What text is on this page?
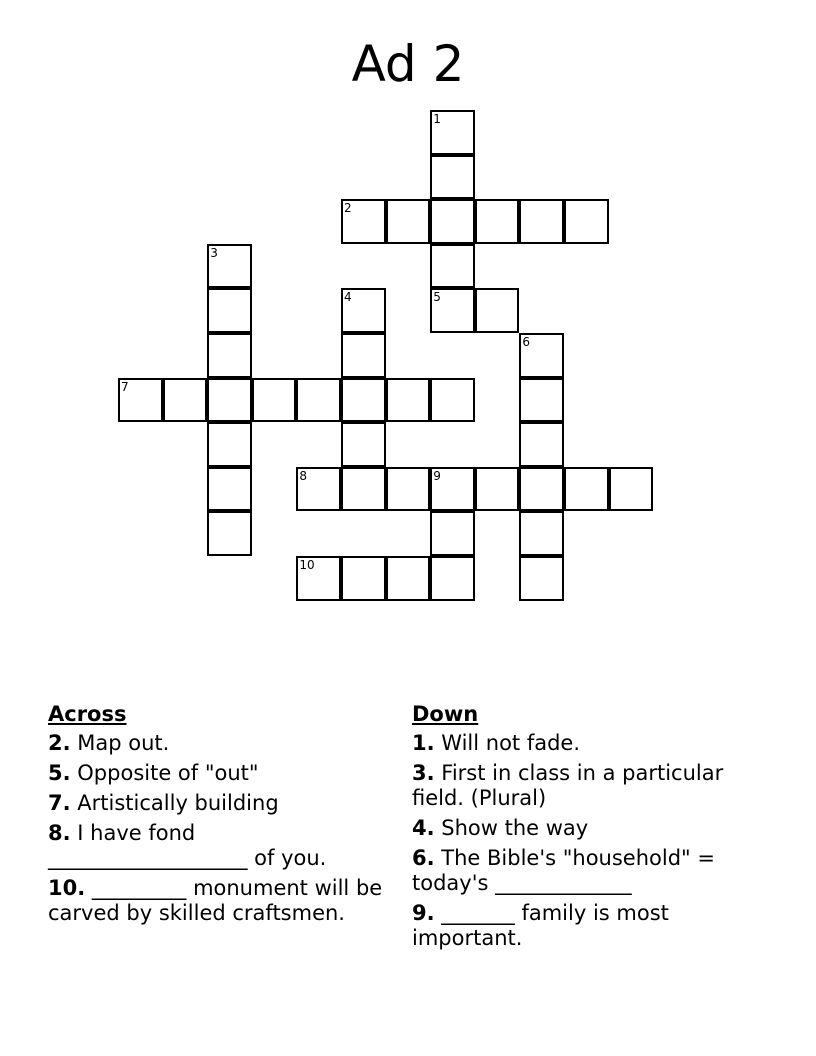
Ad 2
1
5
2
3
4
6
7
8	9
10
Across
2. Map out.
5. Opposite of "out"
7. Artistically building
8. I have fond ___________________ of you.
10. _________ monument will be carved by skilled craftsmen.
Down
1. Will not fade.
3. First in class in a particular field. (Plural)
4. Show the way
6. The Bible's "household" = today's _____________
9. _______ family is most important.
